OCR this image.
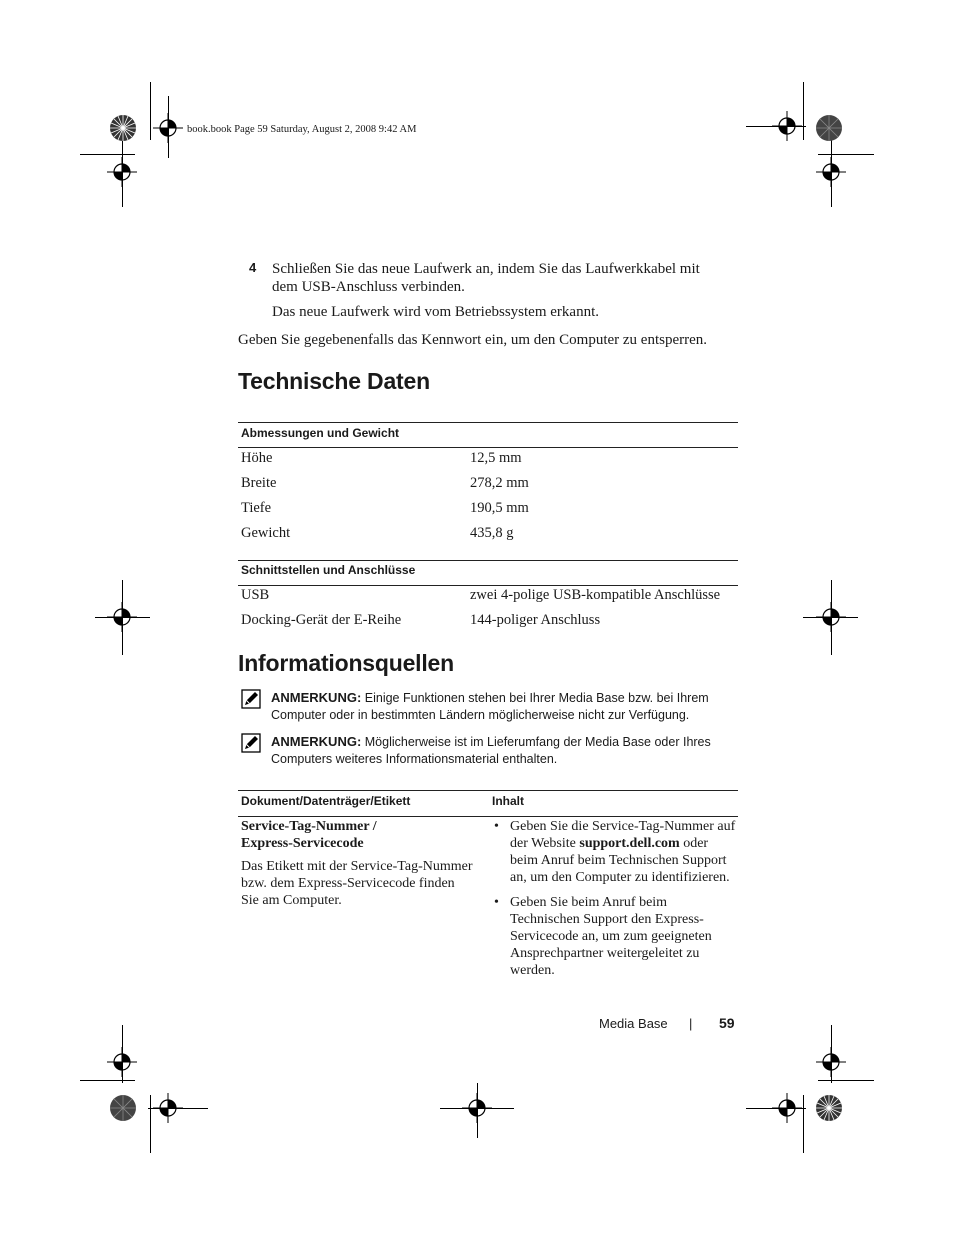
book.book Page 59 Saturday, August 2, 2008 9:42 AM
4 Schließen Sie das neue Laufwerk an, indem Sie das Laufwerkkabel mit
dem USB-Anschluss verbinden.
Das neue Laufwerk wird vom Betriebssystem erkannt.
Geben Sie gegebenenfalls das Kennwort ein, um den Computer zu entsperren.
Technische Daten
Abmessungen und Gewicht
Höhe	12,5 mm
Breite	278,2 mm
Tiefe	190,5 mm
Gewicht	435,8 g
Schnittstellen und Anschlüsse
USB	zwei 4-polige USB-kompatible Anschlüsse
Docking-Gerät der E-Reihe	144-poliger Anschluss
Informationsquellen
ANMERKUNG: Einige Funktionen stehen bei Ihrer Media Base bzw. bei Ihrem
Computer oder in bestimmten Ländern möglicherweise nicht zur Verfügung.
ANMERKUNG: Möglicherweise ist im Lieferumfang der Media Base oder Ihres
Computers weiteres Informationsmaterial enthalten.
Dokument/Datenträger/Etikett	Inhalt
Service-Tag-Nummer /
Express-Servicecode
Das Etikett mit der Service-Tag-Nummer
bzw. dem Express-Servicecode finden
Sie am Computer.
• Geben Sie die Service-Tag-Nummer auf
der Website support.dell.com oder
beim Anruf beim Technischen Support
an, um den Computer zu identifizieren.
• Geben Sie beim Anruf beim
Technischen Support den Express-
Servicecode an, um zum geeigneten
Ansprechpartner weitergeleitet zu
werden.
Media Base | 59
